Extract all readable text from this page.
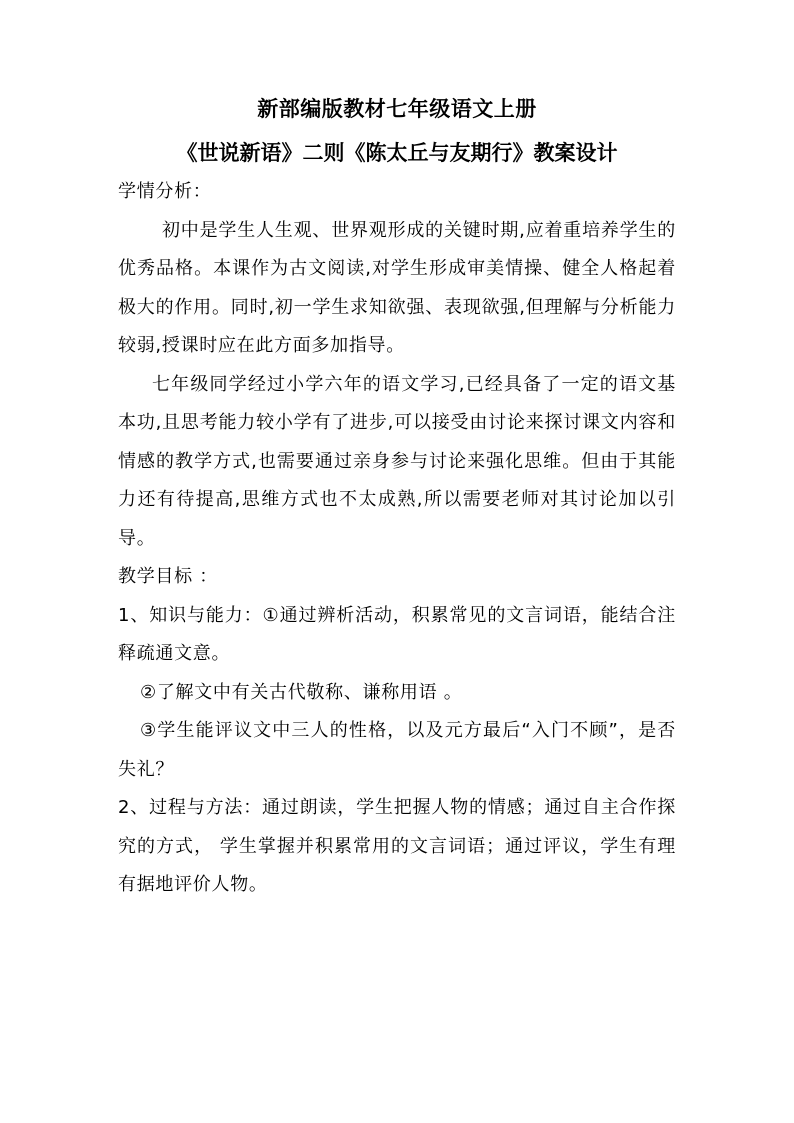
新部编版教材七年级语文上册
《世说新语》二则《陈太丘与友期行》教案设计

学情分析：

初中是学生人生观、世界观形成的关键时期,应着重培养学生的优秀品格。本课作为古文阅读,对学生形成审美情操、健全人格起着极大的作用。同时,初一学生求知欲强、表现欲强,但理解与分析能力较弱,授课时应在此方面多加指导。

七年级同学经过小学六年的语文学习,已经具备了一定的语文基本功,且思考能力较小学有了进步,可以接受由讨论来探讨课文内容和情感的教学方式,也需要通过亲身参与讨论来强化思维。但由于其能力还有待提高,思维方式也不太成熟,所以需要老师对其讨论加以引导。

教学目标 ：

1、知识与能力：①通过辨析活动，积累常见的文言词语，能结合注释疏通文意。

②了解文中有关古代敬称、谦称用语 。

③学生能评议文中三人的性格，以及元方最后“入门不顾”，是否失礼？

2、过程与方法：通过朗读，学生把握人物的情感；通过自主合作探究的方式， 学生掌握并积累常用的文言词语；通过评议，学生有理有据地评价人物。
